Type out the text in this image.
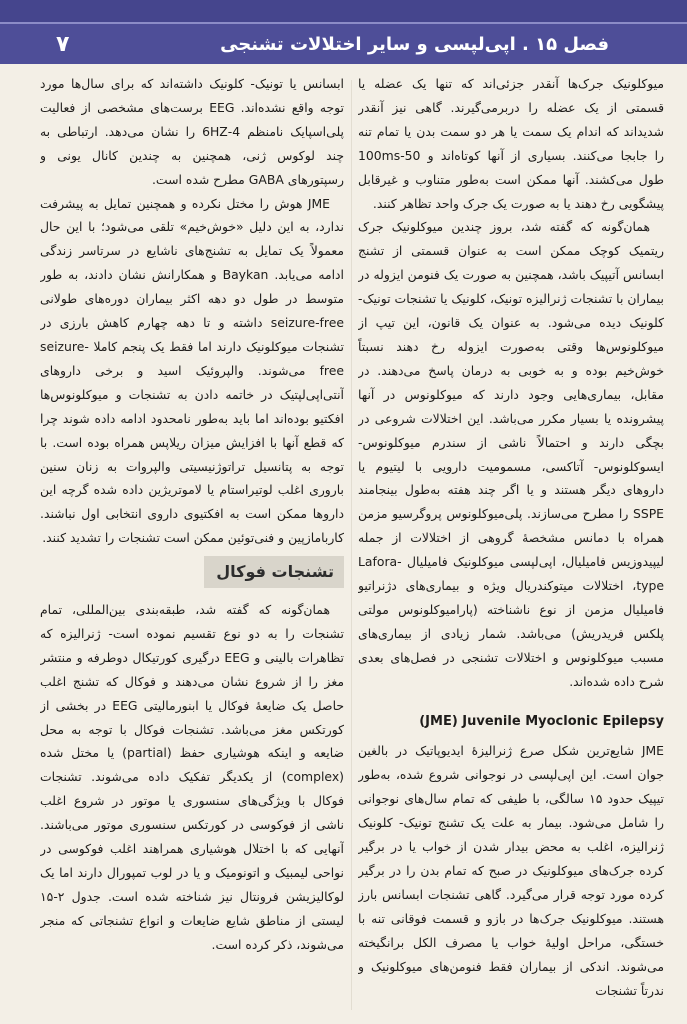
فصل ۱۵ . اپی‌لپسی و سایر اختلالات تشنجی
۷

میوکلونیک جرک‌ها آنقدر جزئی‌اند که تنها یک عضله یا قسمتی از یک عضله را دربرمی‌گیرند. گاهی نیز آنقدر شدیداند که اندام یک سمت یا هر دو سمت بدن یا تمام تنه را جابجا می‌کنند. بسیاری از آنها کوتاه‌اند و 50-100ms طول می‌کشند. آنها ممکن است به‌طور متناوب و غیرقابل پیشگویی رخ دهند یا به صورت یک جرک واحد تظاهر کنند.

همان‌گونه که گفته شد، بروز چندین میوکلونیک جرک ریتمیک کوچک ممکن است به عنوان قسمتی از تشنج ابسانس آتیپیک باشد، همچنین به صورت یک فنومن ایزوله در بیماران با تشنجات ژنرالیزه تونیک، کلونیک یا تشنجات تونیک- کلونیک دیده می‌شود. به عنوان یک قانون، این تیپ از میوکلونوس‌ها وقتی به‌صورت ایزوله رخ دهند نسبتاً خوش‌خیم بوده و به خوبی به درمان پاسخ می‌دهند. در مقابل، بیماری‌هایی وجود دارند که میوکلونوس در آنها پیشرونده یا بسیار مکرر می‌باشد. این اختلالات شروعی در بچگی دارند و احتمالاً ناشی از سندرم میوکلونوس- ایسوکلونوس- آتاکسی، مسمومیت دارویی با لیتیوم یا داروهای دیگر هستند و یا اگر چند هفته به‌طول بینجامند SSPE را مطرح می‌سازند. پلی‌میوکلونوس پروگرسیو مزمن همراه با دمانس مشخصهٔ گروهی از اختلالات از جمله لیپیدوزیس فامیلیال، اپی‌لپسی میوکلونیک فامیلیال Lafora-type، اختلالات میتوکندریال ویژه و بیماری‌های دژنراتیو فامیلیال مزمن از نوع ناشناخته (پارامیوکلونوس مولتی پلکس فریدریش) می‌باشد. شمار زیادی از بیماری‌های مسبب میوکلونوس و اختلالات تشنجی در فصل‌های بعدی شرح داده شده‌اند.

(JME) Juvenile Myoclonic Epilepsy

JME شایع‌ترین شکل صرع ژنرالیزهٔ ایدیوپاتیک در بالغین جوان است. این اپی‌لپسی در نوجوانی شروع شده، به‌طور تیپیک حدود ۱۵ سالگی، با طیفی که تمام سال‌های نوجوانی را شامل می‌شود. بیمار به علت یک تشنج تونیک- کلونیک ژنرالیزه، اغلب به محض بیدار شدن از خواب یا در برگیر کرده جرک‌های میوکلونیک در صبح که تمام بدن را در برگیر کرده مورد توجه قرار می‌گیرد. گاهی تشنجات ابسانس بارز هستند. میوکلونیک جرک‌ها در بازو و قسمت فوقانی تنه با خستگی، مراحل اولیهٔ خواب یا مصرف الکل برانگیخته می‌شوند. اندکی از بیماران فقط فنومن‌های میوکلونیک و ندرتاً تشنجات

ابسانس یا تونیک- کلونیک داشته‌اند که برای سال‌ها مورد توجه واقع نشده‌اند. EEG برست‌های مشخصی از فعالیت پلی‌اسپایک نامنظم 4-6HZ را نشان می‌دهد. ارتباطی به چند لوکوس ژنی، همچنین به چندین کانال یونی و رسپتورهای GABA مطرح شده است.

JME هوش را مختل نکرده و همچنین تمایل به پیشرفت ندارد، به این دلیل «خوش‌خیم» تلقی می‌شود؛ با این حال معمولاً یک تمایل به تشنج‌های ناشایع در سرتاسر زندگی ادامه می‌یابد. Baykan و همکارانش نشان دادند، به طور متوسط در طول دو دهه اکثر بیماران دوره‌های طولانی seizure-free داشته و تا دهه چهارم کاهش بارزی در تشنجات میوکلونیک دارند اما فقط یک پنجم کاملا seizure-free می‌شوند. والپروئیک اسید و برخی داروهای آنتی‌اپی‌لپتیک در خاتمه دادن به تشنجات و میوکلونوس‌ها افکتیو بوده‌اند اما باید به‌طور نامحدود ادامه داده شوند چرا که قطع آنها با افزایش میزان ریلاپس همراه بوده است. با توجه به پتانسیل تراتوژنیسیتی والپروات به زنان سنین باروری اغلب لوتیراستام یا لاموتریژین داده شده گرچه این داروها ممکن است به افکتیوی داروی انتخابی اول نباشند. کاربامازپین و فنی‌توئین ممکن است تشنجات را تشدید کنند.

تشنجات فوکال

همان‌گونه که گفته شد، طبقه‌بندی بین‌المللی، تمام تشنجات را به دو نوع تقسیم نموده است- ژنرالیزه که تظاهرات بالینی و EEG درگیری کورتیکال دوطرفه و منتشر مغز را از شروع نشان می‌دهند و فوکال که تشنج اغلب حاصل یک ضایعهٔ فوکال یا ابنورمالیتی EEG در بخشی از کورتکس مغز می‌باشد. تشنجات فوکال با توجه به محل ضایعه و اینکه هوشیاری حفظ (partial) یا مختل شده (complex) از یکدیگر تفکیک داده می‌شوند. تشنجات فوکال با ویژگی‌های سنسوری یا موتور در شروع اغلب ناشی از فوکوسی در کورتکس سنسوری موتور می‌باشند. آنهایی که با اختلال هوشیاری همراهند اغلب فوکوسی در نواحی لیمبیک و اتونومیک و یا در لوب تمپورال دارند اما یک لوکالیزیشن فرونتال نیز شناخته شده است. جدول ۲-۱۵ لیستی از مناطق شایع ضایعات و انواع تشنجاتی که منجر می‌شوند، ذکر کرده است.
